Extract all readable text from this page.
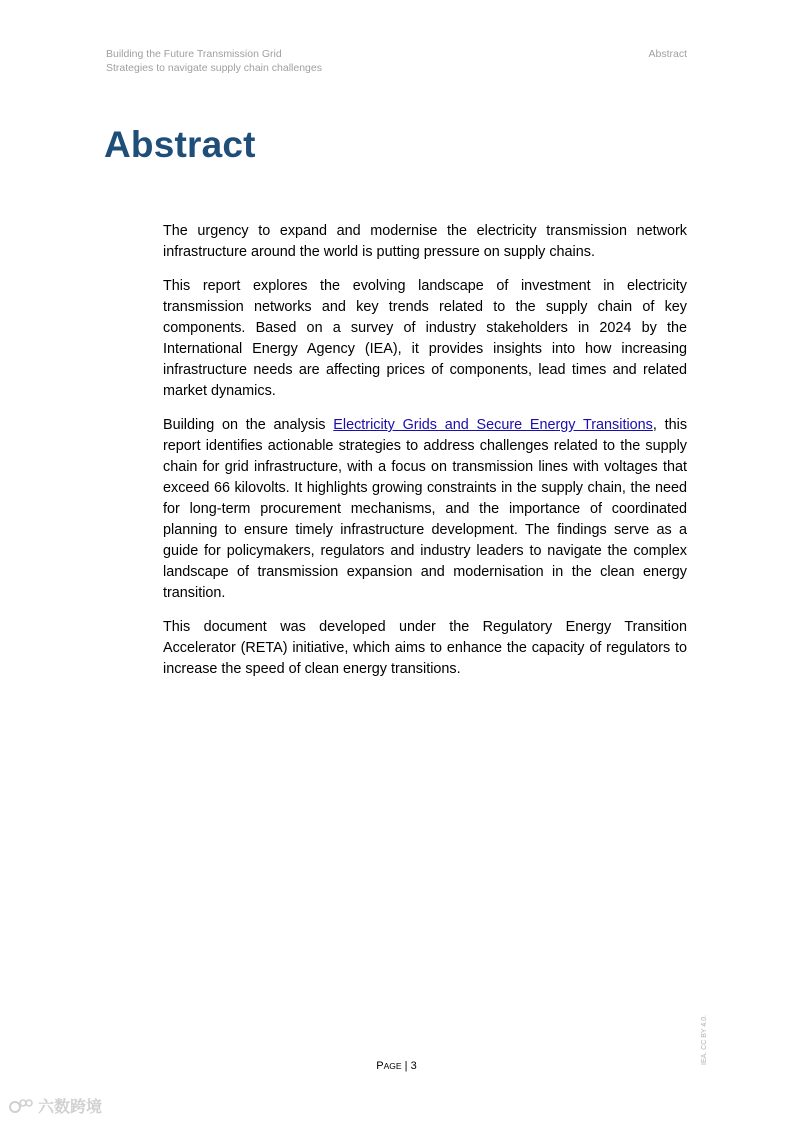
Building the Future Transmission Grid
Strategies to navigate supply chain challenges
Abstract
Abstract

The urgency to expand and modernise the electricity transmission network infrastructure around the world is putting pressure on supply chains.

This report explores the evolving landscape of investment in electricity transmission networks and key trends related to the supply chain of key components. Based on a survey of industry stakeholders in 2024 by the International Energy Agency (IEA), it provides insights into how increasing infrastructure needs are affecting prices of components, lead times and related market dynamics.

Building on the analysis Electricity Grids and Secure Energy Transitions, this report identifies actionable strategies to address challenges related to the supply chain for grid infrastructure, with a focus on transmission lines with voltages that exceed 66 kilovolts. It highlights growing constraints in the supply chain, the need for long-term procurement mechanisms, and the importance of coordinated planning to ensure timely infrastructure development. The findings serve as a guide for policymakers, regulators and industry leaders to navigate the complex landscape of transmission expansion and modernisation in the clean energy transition.

This document was developed under the Regulatory Energy Transition Accelerator (RETA) initiative, which aims to enhance the capacity of regulators to increase the speed of clean energy transitions.

PAGE | 3
IEA. CC BY 4.0.
六数跨境
